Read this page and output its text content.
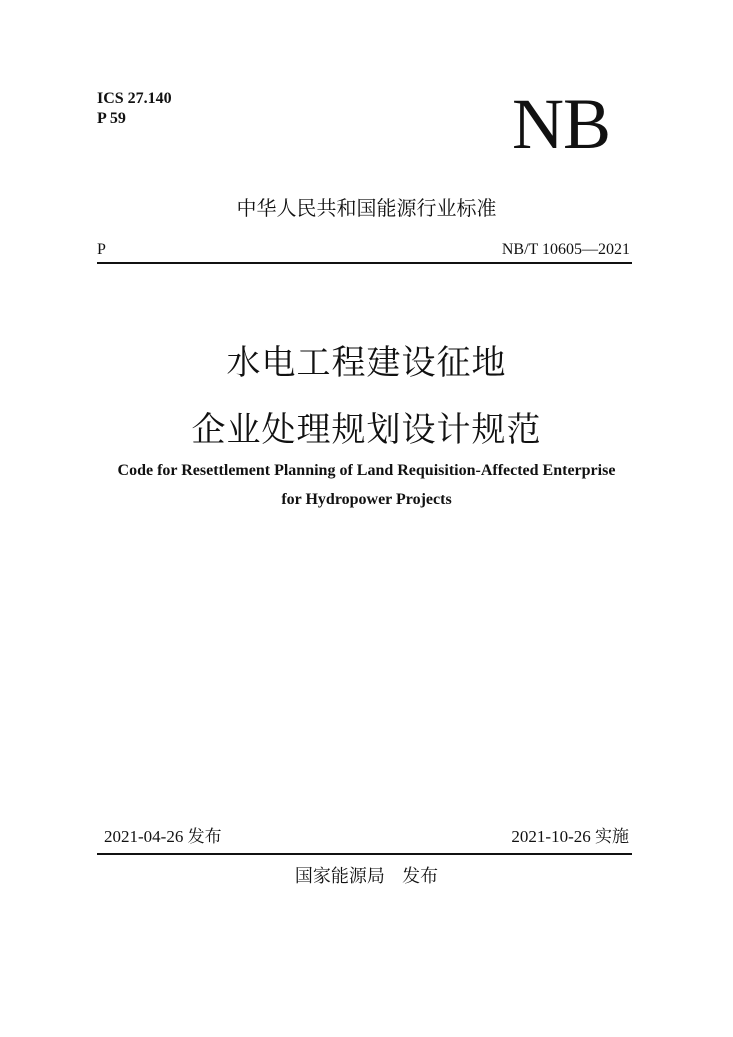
ICS 27.140
P 59	NB
中华人民共和国能源行业标准
P	NB/T 10605—2021
水电工程建设征地
企业处理规划设计规范
Code for Resettlement Planning of Land Requisition-Affected Enterprise
for Hydropower Projects
2021-04-26 发布	2021-10-26 实施
国家能源局 发布
